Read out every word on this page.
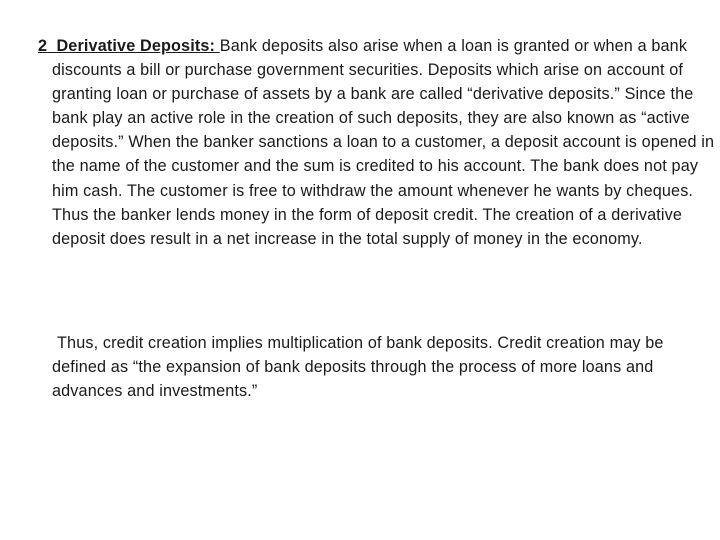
2 Derivative Deposits: Bank deposits also arise when a loan is granted or when a bank discounts a bill or purchase government securities. Deposits which arise on account of granting loan or purchase of assets by a bank are called “derivative deposits.” Since the bank play an active role in the creation of such deposits, they are also known as “active deposits.” When the banker sanctions a loan to a customer, a deposit account is opened in the name of the customer and the sum is credited to his account. The bank does not pay him cash. The customer is free to withdraw the amount whenever he wants by cheques. Thus the banker lends money in the form of deposit credit. The creation of a derivative deposit does result in a net increase in the total supply of money in the economy.

Thus, credit creation implies multiplication of bank deposits. Credit creation may be defined as “the expansion of bank deposits through the process of more loans and advances and investments.”
